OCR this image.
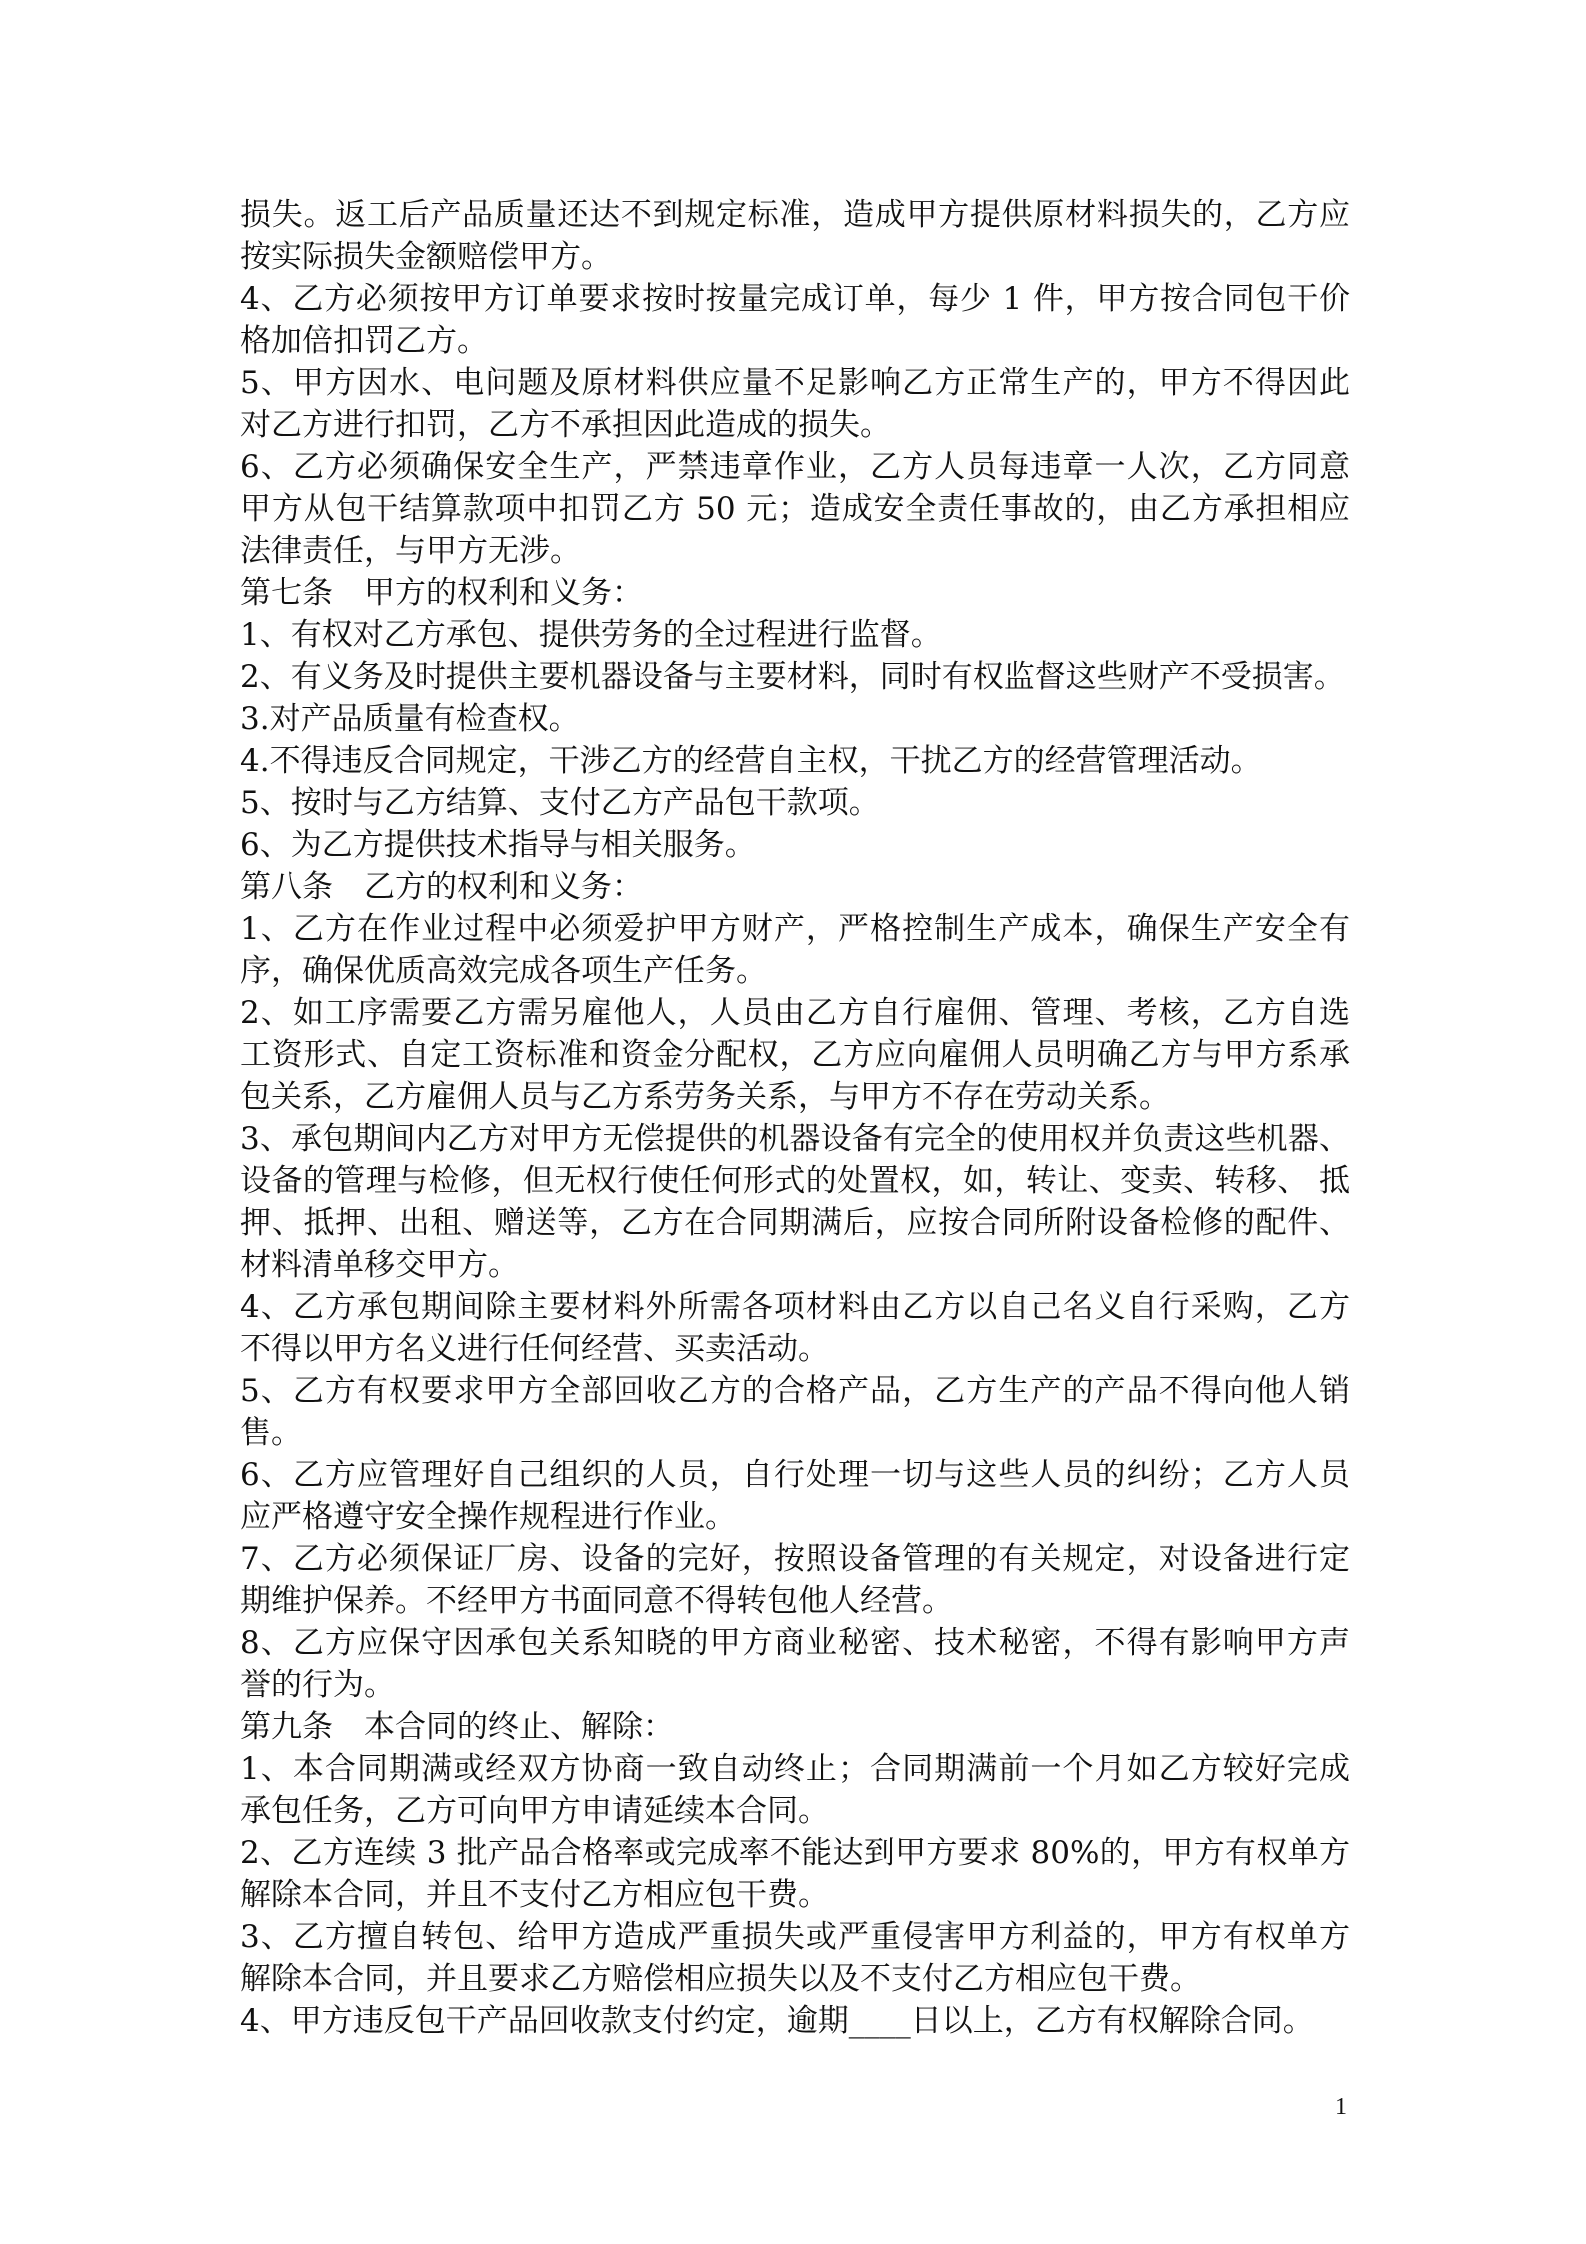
损失。返工后产品质量还达不到规定标准，造成甲方提供原材料损失的，乙方应
按实际损失金额赔偿甲方。
4、乙方必须按甲方订单要求按时按量完成订单，每少 1 件，甲方按合同包干价
格加倍扣罚乙方。
5、甲方因水、电问题及原材料供应量不足影响乙方正常生产的，甲方不得因此
对乙方进行扣罚，乙方不承担因此造成的损失。
6、乙方必须确保安全生产，严禁违章作业，乙方人员每违章一人次，乙方同意
甲方从包干结算款项中扣罚乙方 50 元；造成安全责任事故的，由乙方承担相应
法律责任，与甲方无涉。
第七条　甲方的权利和义务：
1、有权对乙方承包、提供劳务的全过程进行监督。
2、有义务及时提供主要机器设备与主要材料，同时有权监督这些财产不受损害。
3.对产品质量有检查权。
4.不得违反合同规定，干涉乙方的经营自主权，干扰乙方的经营管理活动。
5、按时与乙方结算、支付乙方产品包干款项。
6、为乙方提供技术指导与相关服务。
第八条　乙方的权利和义务：
1、乙方在作业过程中必须爱护甲方财产，严格控制生产成本，确保生产安全有
序，确保优质高效完成各项生产任务。
2、如工序需要乙方需另雇他人，人员由乙方自行雇佣、管理、考核，乙方自选
工资形式、自定工资标准和资金分配权，乙方应向雇佣人员明确乙方与甲方系承
包关系，乙方雇佣人员与乙方系劳务关系，与甲方不存在劳动关系。
3、承包期间内乙方对甲方无偿提供的机器设备有完全的使用权并负责这些机器、
设备的管理与检修，但无权行使任何形式的处置权，如，转让、变卖、转移、 抵
押、抵押、出租、赠送等，乙方在合同期满后，应按合同所附设备检修的配件、
材料清单移交甲方。
4、乙方承包期间除主要材料外所需各项材料由乙方以自己名义自行采购，乙方
不得以甲方名义进行任何经营、买卖活动。
5、乙方有权要求甲方全部回收乙方的合格产品，乙方生产的产品不得向他人销
售。
6、乙方应管理好自己组织的人员，自行处理一切与这些人员的纠纷；乙方人员
应严格遵守安全操作规程进行作业。
7、乙方必须保证厂房、设备的完好，按照设备管理的有关规定，对设备进行定
期维护保养。不经甲方书面同意不得转包他人经营。
8、乙方应保守因承包关系知晓的甲方商业秘密、技术秘密，不得有影响甲方声
誉的行为。
第九条　本合同的终止、解除：
1、本合同期满或经双方协商一致自动终止；合同期满前一个月如乙方较好完成
承包任务，乙方可向甲方申请延续本合同。
2、乙方连续 3 批产品合格率或完成率不能达到甲方要求 80%的，甲方有权单方
解除本合同，并且不支付乙方相应包干费。
3、乙方擅自转包、给甲方造成严重损失或严重侵害甲方利益的，甲方有权单方
解除本合同，并且要求乙方赔偿相应损失以及不支付乙方相应包干费。
4、甲方违反包干产品回收款支付约定，逾期____日以上，乙方有权解除合同。
1
